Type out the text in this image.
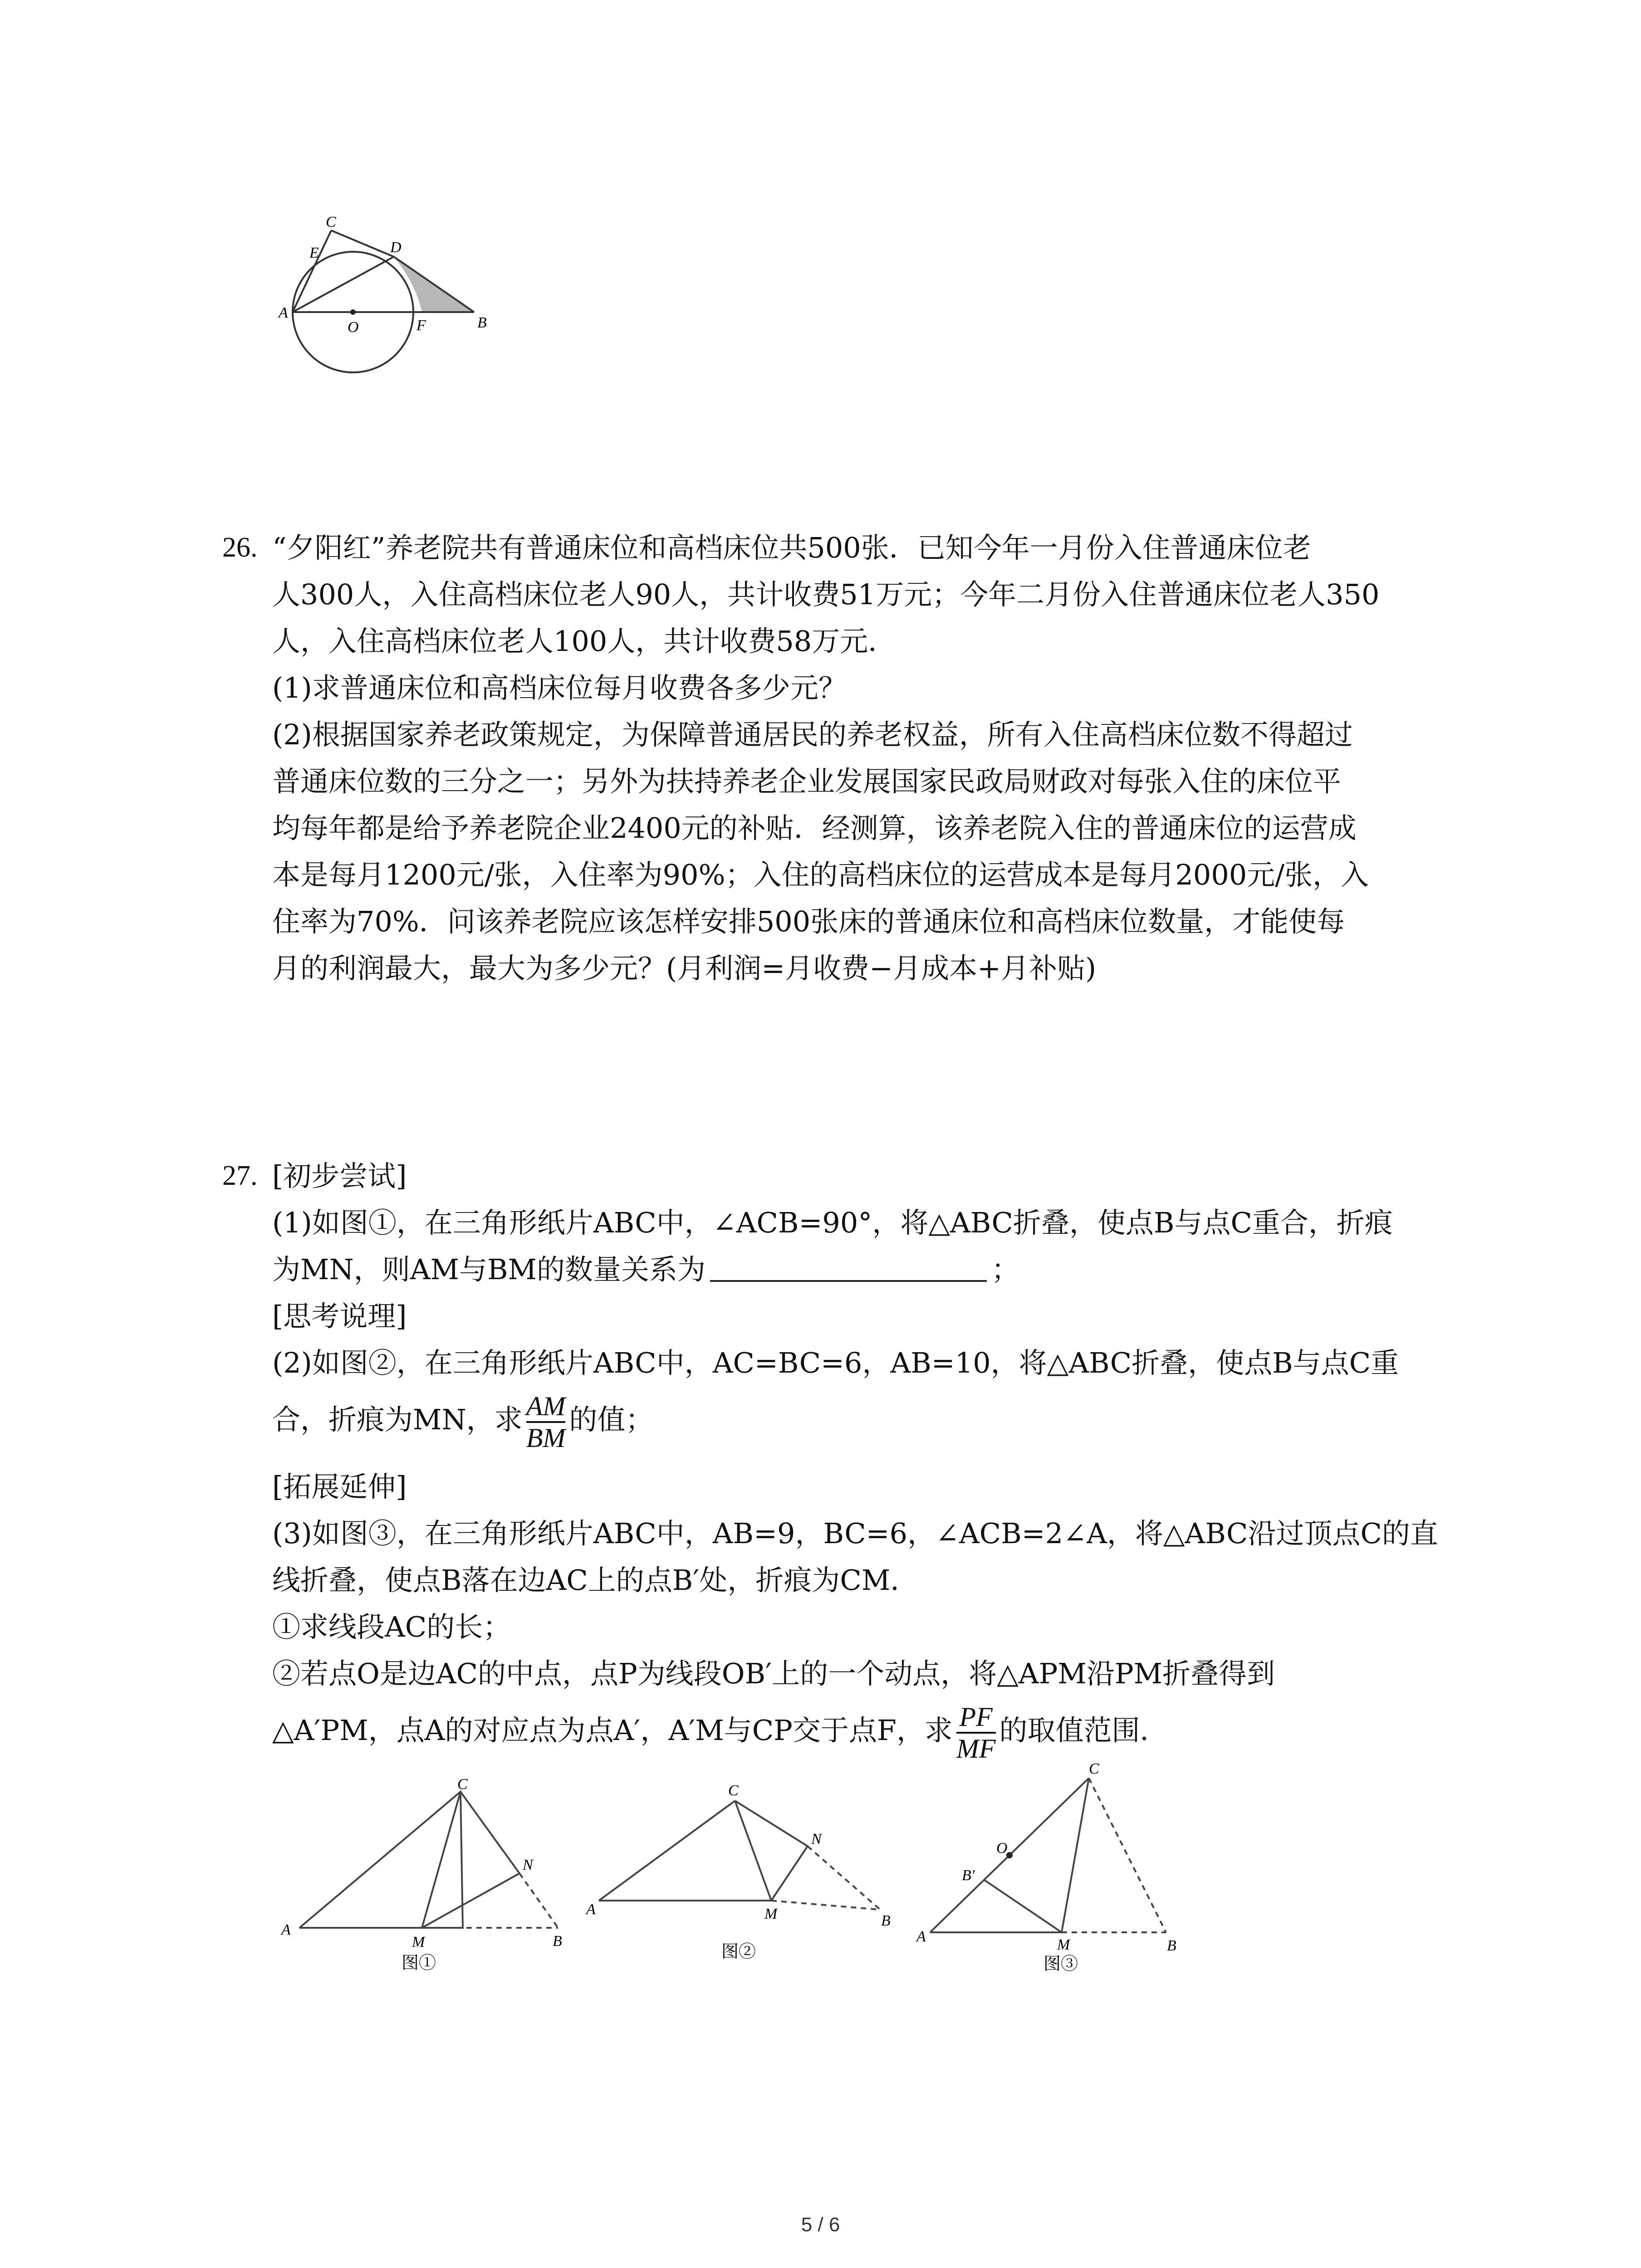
C
E	D
A
O	F	B
26. “夕阳红”养老院共有普通床位和高档床位共500张．已知今年一月份入住普通床位老
人300人，入住高档床位老人90人，共计收费51万元；今年二月份入住普通床位老人350
人，入住高档床位老人100人，共计收费58万元．
(1)求普通床位和高档床位每月收费各多少元？
(2)根据国家养老政策规定，为保障普通居民的养老权益，所有入住高档床位数不得超过
普通床位数的三分之一；另外为扶持养老企业发展国家民政局财政对每张入住的床位平
均每年都是给予养老院企业2400元的补贴．经测算，该养老院入住的普通床位的运营成
本是每月1200元/张，入住率为90%；入住的高档床位的运营成本是每月2000元/张，入
住率为70%．问该养老院应该怎样安排500张床的普通床位和高档床位数量，才能使每
月的利润最大，最大为多少元？(月利润=月收费−月成本+月补贴)
27. [初步尝试]
(1)如图①，在三角形纸片ABC中，∠ACB=90°，将△ABC折叠，使点B与点C重合，折痕
为MN，则AM与BM的数量关系为	；
[思考说理]
(2)如图②，在三角形纸片ABC中，AC=BC=6，AB=10，将△ABC折叠，使点B与点C重
合，折痕为MN，求 $\frac{AM}{BM}$ 的值；
[拓展延伸]
(3)如图③，在三角形纸片ABC中，AB=9，BC=6，∠ACB=2∠A，将△ABC沿过顶点C的直
线折叠，使点B落在边AC上的点B′处，折痕为CM．
①求线段AC的长；
②若点O是边AC的中点，点P为线段OB′上的一个动点，将△APM沿PM折叠得到
△A′PM，点A的对应点为点A′，A′M与CP交于点F，求 $\frac{PF}{MF}$ 的取值范围．
A
M	B
C
N
图①
A	M	B
C
N
图②
A	M	B
C
O
B′
图③
5 / 6
